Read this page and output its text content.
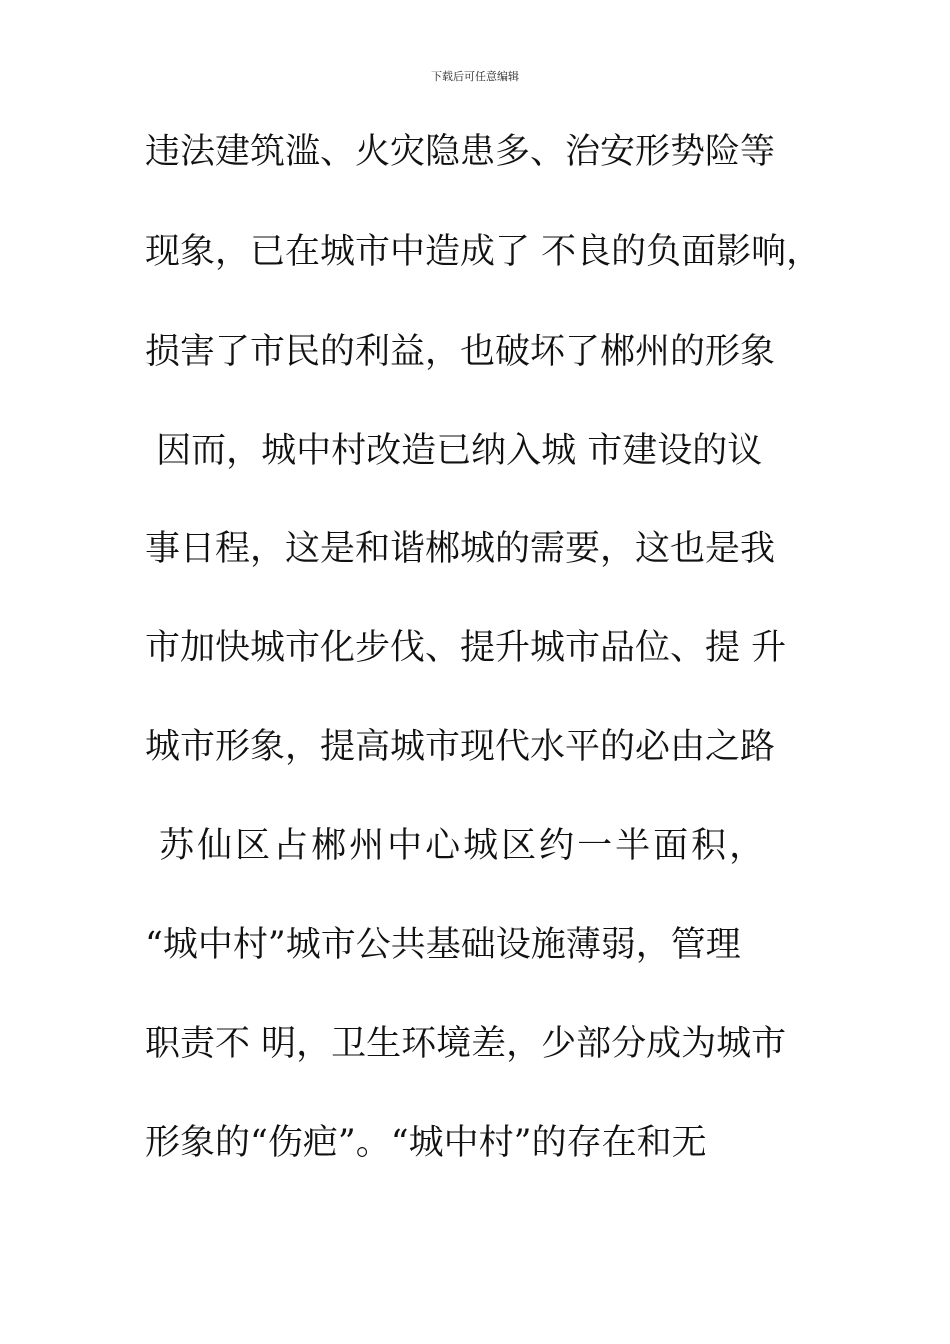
下载后可任意编辑
违法建筑滥、火灾隐患多、治安形势险等
现象，已在城市中造成了 不良的负面影响，
损害了市民的利益，也破坏了郴州的形象
因而，城中村改造已纳入城 市建设的议
事日程，这是和谐郴城的需要，这也是我
市加快城市化步伐、提升城市品位、提 升
城市形象，提高城市现代水平的必由之路
苏仙区占郴州中心城区约一半面积，
“城中村”城市公共基础设施薄弱，管理
职责不 明，卫生环境差，少部分成为城市
形象的“伤疤”。“城中村”的存在和无
